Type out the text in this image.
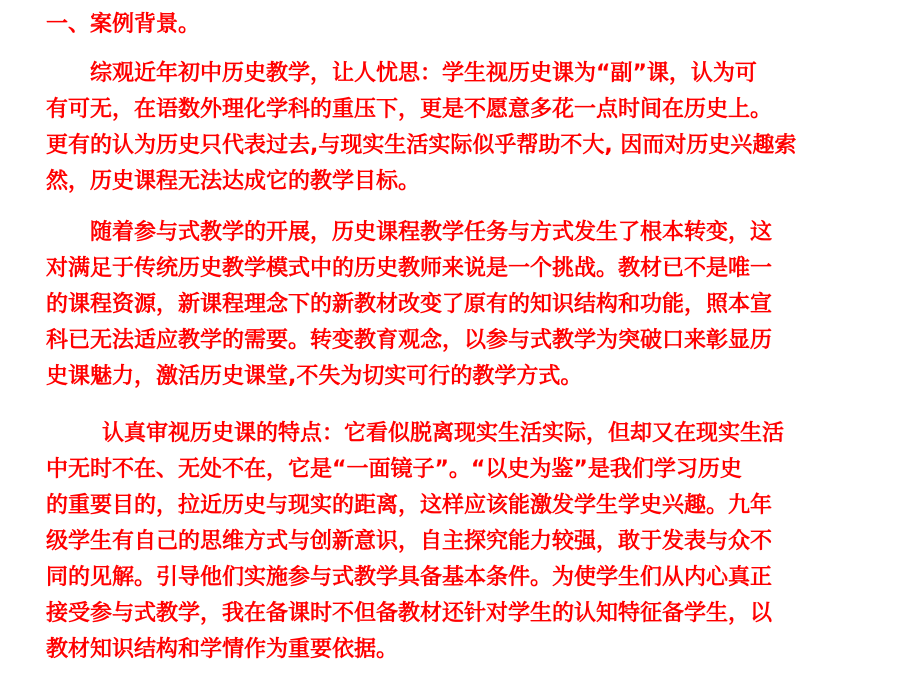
一、案例背景。
综观近年初中历史教学，让人忧思：学生视历史课为“副”课，认为可
有可无，在语数外理化学科的重压下，更是不愿意多花一点时间在历史上。
更有的认为历史只代表过去,与现实生活实际似乎帮助不大, 因而对历史兴趣索
然，历史课程无法达成它的教学目标。
随着参与式教学的开展，历史课程教学任务与方式发生了根本转变，这
对满足于传统历史教学模式中的历史教师来说是一个挑战。教材已不是唯一
的课程资源，新课程理念下的新教材改变了原有的知识结构和功能，照本宣
科已无法适应教学的需要。转变教育观念，以参与式教学为突破口来彰显历
史课魅力，激活历史课堂,不失为切实可行的教学方式。
认真审视历史课的特点：它看似脱离现实生活实际，但却又在现实生活
中无时不在、无处不在，它是“一面镜子”。“以史为鉴”是我们学习历史
的重要目的，拉近历史与现实的距离，这样应该能激发学生学史兴趣。九年
级学生有自己的思维方式与创新意识，自主探究能力较强，敢于发表与众不
同的见解。引导他们实施参与式教学具备基本条件。为使学生们从内心真正
接受参与式教学，我在备课时不但备教材还针对学生的认知特征备学生，以
教材知识结构和学情作为重要依据。
